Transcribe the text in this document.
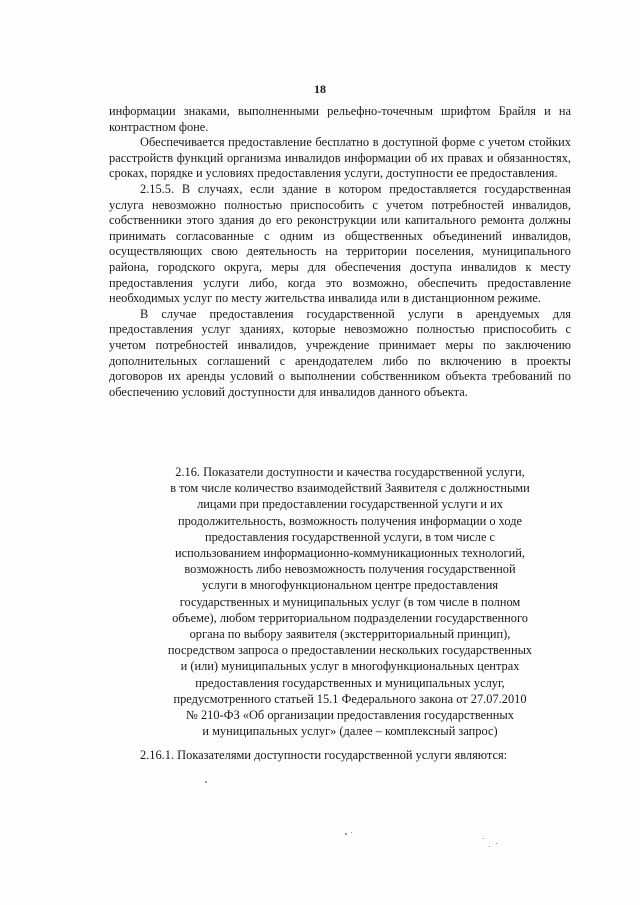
18

информации знаками, выполненными рельефно-точечным шрифтом Брайля и на контрастном фоне.

Обеспечивается предоставление бесплатно в доступной форме с учетом стойких расстройств функций организма инвалидов информации об их правах и обязанностях, сроках, порядке и условиях предоставления услуги, доступности ее предоставления.

2.15.5. В случаях, если здание в котором предоставляется государственная услуга невозможно полностью приспособить с учетом потребностей инвалидов, собственники этого здания до его реконструкции или капитального ремонта должны принимать согласованные с одним из общественных объединений инвалидов, осуществляющих свою деятельность на территории поселения, муниципального района, городского округа, меры для обеспечения доступа инвалидов к месту предоставления услуги либо, когда это возможно, обеспечить предоставление необходимых услуг по месту жительства инвалида или в дистанционном режиме.

В случае предоставления государственной услуги в арендуемых для предоставления услуг зданиях, которые невозможно полностью приспособить с учетом потребностей инвалидов, учреждение принимает меры по заключению дополнительных соглашений с арендодателем либо по включению в проекты договоров их аренды условий о выполнении собственником объекта требований по обеспечению условий доступности для инвалидов данного объекта.

2.16. Показатели доступности и качества государственной услуги,

в том числе количество взаимодействий Заявителя с должностными

лицами при предоставлении государственной услуги и их

продолжительность, возможность получения информации о ходе

предоставления государственной услуги, в том числе с

использованием информационно-коммуникационных технологий,

возможность либо невозможность получения государственной

услуги в многофункциональном центре предоставления

государственных и муниципальных услуг (в том числе в полном

объеме), любом территориальном подразделении государственного

органа по выбору заявителя (экстерриториальный принцип),

посредством запроса о предоставлении нескольких государственных

и (или) муниципальных услуг в многофункциональных центрах

предоставления государственных и муниципальных услуг,

предусмотренного статьей 15.1 Федерального закона от 27.07.2010

№ 210-ФЗ «Об организации предоставления государственных

и муниципальных услуг» (далее – комплексный запрос)

2.16.1. Показателями доступности государственной услуги являются:
